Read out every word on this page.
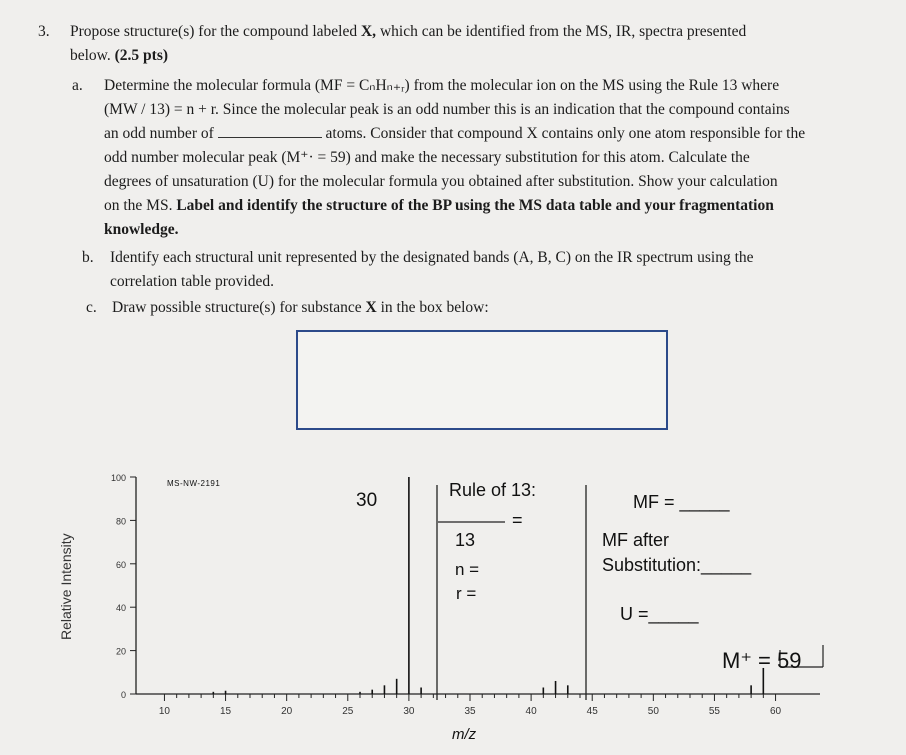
3. Propose structure(s) for the compound labeled X, which can be identified from the MS, IR, spectra presented
below. (2.5 pts)
a. Determine the molecular formula (MF = CₙHₙ₊ᵣ) from the molecular ion on the MS using the Rule 13 where
(MW / 13) = n + r. Since the molecular peak is an odd number this is an indication that the compound contains
an odd number of	atoms. Consider that compound X contains only one atom responsible for the
odd number molecular peak (M⁺· = 59) and make the necessary substitution for this atom. Calculate the
degrees of unsaturation (U) for the molecular formula you obtained after substitution. Show your calculation
on the MS. Label and identify the structure of the BP using the MS data table and your fragmentation
knowledge.
b. Identify each structural unit represented by the designated bands (A, B, C) on the IR spectrum using the
correlation table provided.
c. Draw possible structure(s) for substance X in the box below:
0
20
40
60
80
100
10	15	20	25	30	35	40	45	50	55	60
Relative Intensity
MS-NW-2191
30	Rule of 13:
=
13
n =
r =
MF = _____
MF after
Substitution:_____
U =_____
M⁺ = 59
m/z
